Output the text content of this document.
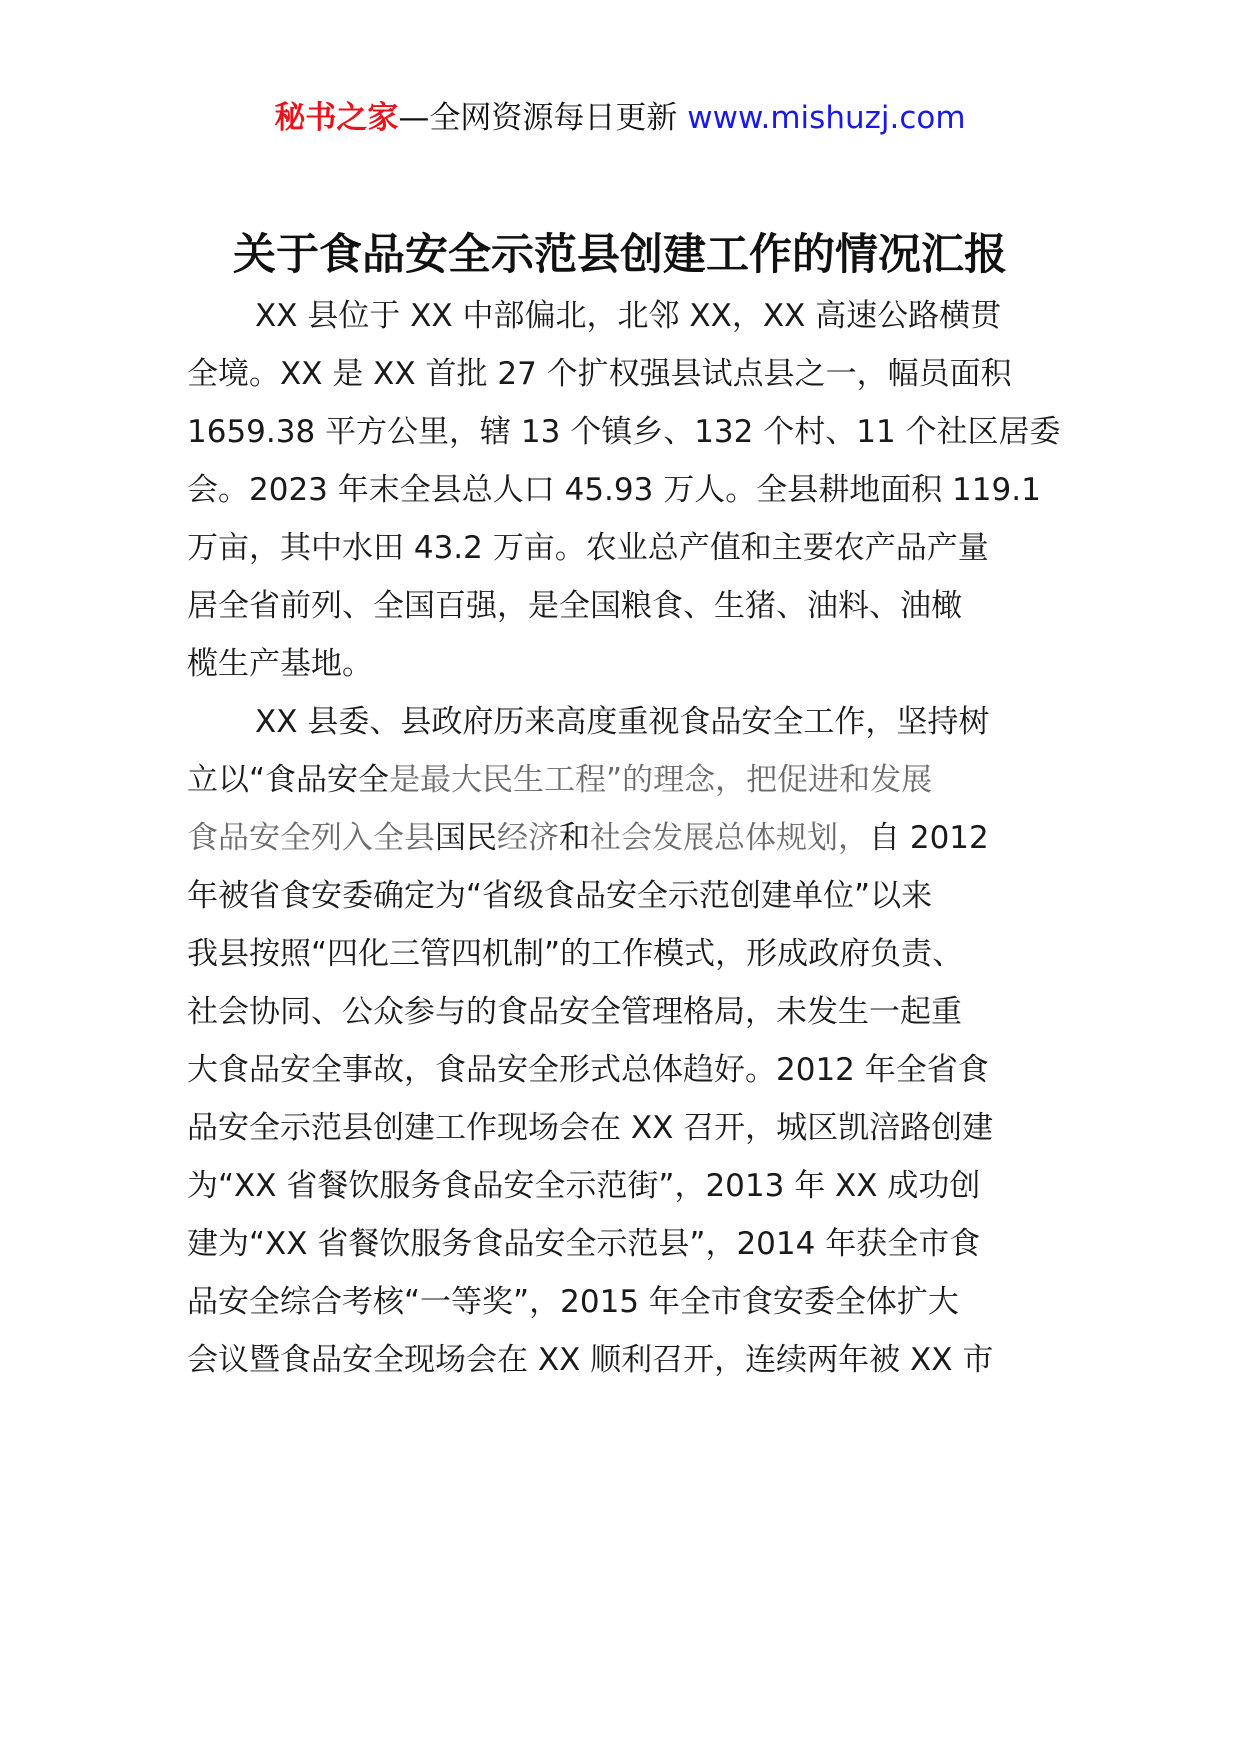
秘书之家—全网资源每日更新 www.mishuzj.com
关于食品安全示范县创建工作的情况汇报
XX 县位于 XX 中部偏北，北邻 XX，XX 高速公路横贯
全境。XX 是 XX 首批 27 个扩权强县试点县之一，幅员面积
1659.38 平方公里，辖 13 个镇乡、132 个村、11 个社区居委
会。2023 年末全县总人口 45.93 万人。全县耕地面积 119.1
万亩，其中水田 43.2 万亩。农业总产值和主要农产品产量
居全省前列、全国百强，是全国粮食、生猪、油料、油橄
榄生产基地。
XX 县委、县政府历来高度重视食品安全工作，坚持树
立以“食品安全是最大民生工程”的理念，把促进和发展
食品安全列入全县国民经济和社会发展总体规划，自 2012
年被省食安委确定为“省级食品安全示范创建单位”以来
我县按照“四化三管四机制”的工作模式，形成政府负责、
社会协同、公众参与的食品安全管理格局，未发生一起重
大食品安全事故，食品安全形式总体趋好。2012 年全省食
品安全示范县创建工作现场会在 XX 召开，城区凯涪路创建
为“XX 省餐饮服务食品安全示范街”，2013 年 XX 成功创
建为“XX 省餐饮服务食品安全示范县”，2014 年获全市食
品安全综合考核“一等奖”，2015 年全市食安委全体扩大
会议暨食品安全现场会在 XX 顺利召开，连续两年被 XX 市
